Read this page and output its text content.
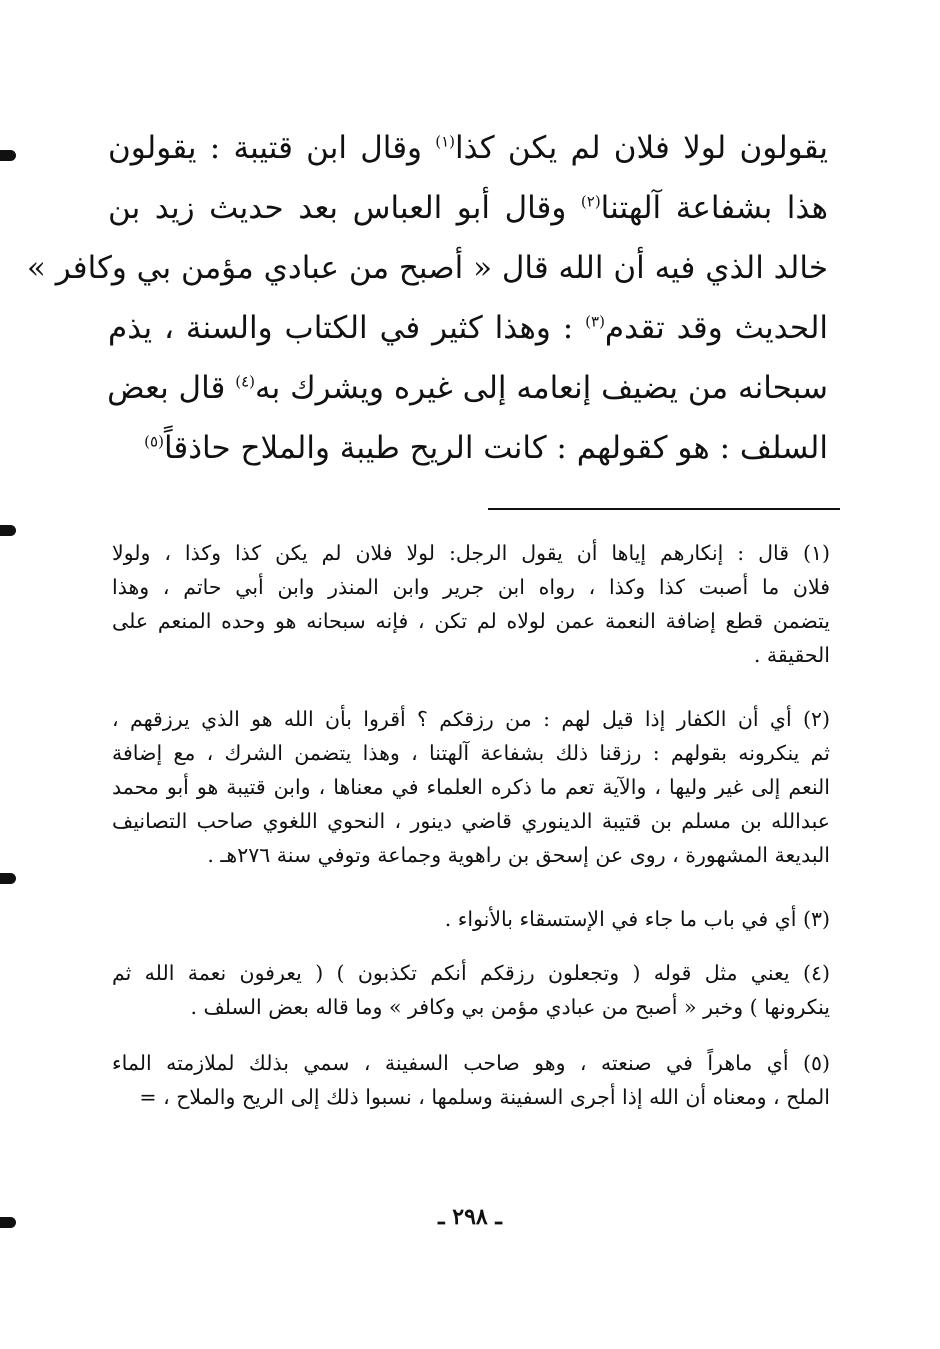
يقولون لولا فلان لم يكن كذا$^{(١)}$ وقال ابن قتيبة : يقولون
هذا بشفاعة آلهتنا$^{(٢)}$ وقال أبو العباس بعد حديث زيد بن
خالد الذي فيه أن الله قال « أصبح من عبادي مؤمن بي وكافر »
الحديث وقد تقدم$^{(٣)}$ : وهذا كثير في الكتاب والسنة ، يذم
سبحانه من يضيف إنعامه إلى غيره ويشرك به$^{(٤)}$ قال بعض
السلف : هو كقولهم : كانت الريح طيبة والملاح حاذقاً$^{(٥)}$
(١) قال : إنكارهم إياها أن يقول الرجل: لولا فلان لم يكن كذا وكذا ، ولولا
فلان ما أصبت كذا وكذا ، رواه ابن جرير وابن المنذر وابن أبي حاتم ، وهذا
يتضمن قطع إضافة النعمة عمن لولاه لم تكن ، فإنه سبحانه هو وحده المنعم على
الحقيقة .
(٢) أي أن الكفار إذا قيل لهم : من رزقكم ؟ أقروا بأن الله هو الذي يرزقهم ،
ثم ينكرونه بقولهم : رزقنا ذلك بشفاعة آلهتنا ، وهذا يتضمن الشرك ، مع إضافة
النعم إلى غير وليها ، والآية تعم ما ذكره العلماء في معناها ، وابن قتيبة هو أبو محمد
عبدالله بن مسلم بن قتيبة الدينوري قاضي دينور ، النحوي اللغوي صاحب التصانيف
البديعة المشهورة ، روى عن إسحق بن راهوية وجماعة وتوفي سنة ٢٧٦هـ .
(٣) أي في باب ما جاء في الإستسقاء بالأنواء .
(٤) يعني مثل قوله ( وتجعلون رزقكم أنكم تكذبون ) ( يعرفون نعمة الله ثم
ينكرونها ) وخبر « أصبح من عبادي مؤمن بي وكافر » وما قاله بعض السلف .
(٥) أي ماهراً في صنعته ، وهو صاحب السفينة ، سمي بذلك لملازمته الماء
الملح ، ومعناه أن الله إذا أجرى السفينة وسلمها ، نسبوا ذلك إلى الريح والملاح ، =
ـ ٢٩٨ ـ
